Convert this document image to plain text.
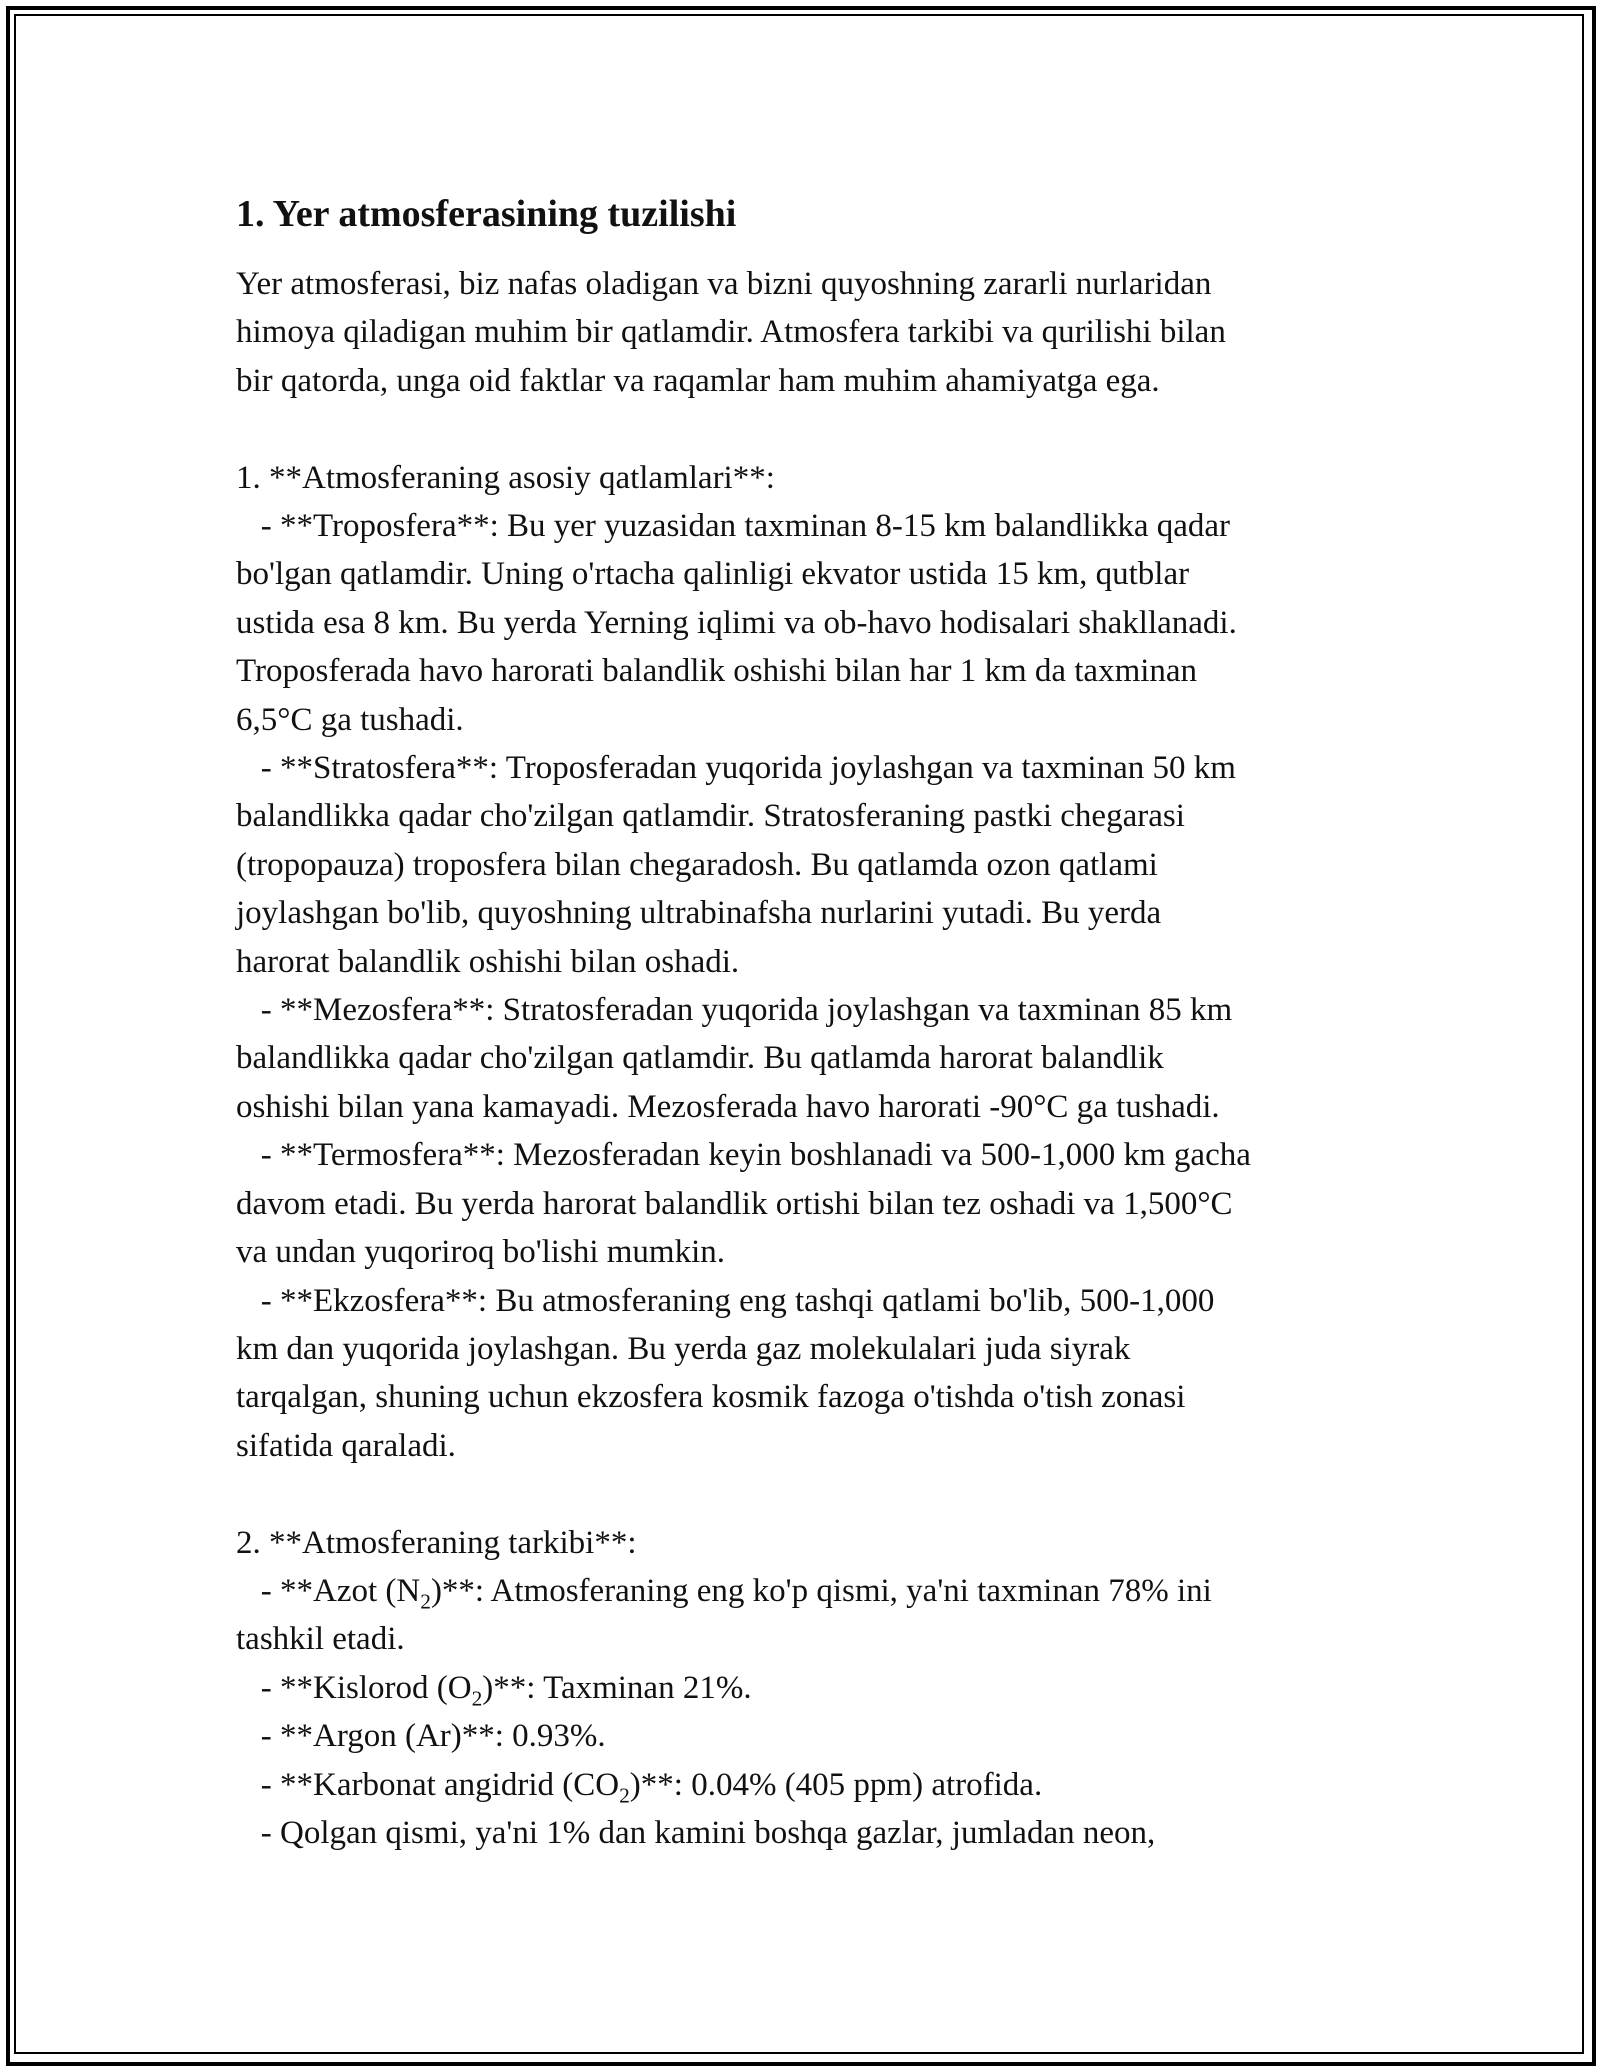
1. Yer atmosferasining tuzilishi
Yer atmosferasi, biz nafas oladigan va bizni quyoshning zararli nurlaridan
himoya qiladigan muhim bir qatlamdir. Atmosfera tarkibi va qurilishi bilan
bir qatorda, unga oid faktlar va raqamlar ham muhim ahamiyatga ega.
1. **Atmosferaning asosiy qatlamlari**:
- **Troposfera**: Bu yer yuzasidan taxminan 8-15 km balandlikka qadar
bo'lgan qatlamdir. Uning o'rtacha qalinligi ekvator ustida 15 km, qutblar
ustida esa 8 km. Bu yerda Yerning iqlimi va ob-havo hodisalari shakllanadi.
Troposferada havo harorati balandlik oshishi bilan har 1 km da taxminan
6,5°C ga tushadi.
- **Stratosfera**: Troposferadan yuqorida joylashgan va taxminan 50 km
balandlikka qadar cho'zilgan qatlamdir. Stratosferaning pastki chegarasi
(tropopauza) troposfera bilan chegaradosh. Bu qatlamda ozon qatlami
joylashgan bo'lib, quyoshning ultrabinafsha nurlarini yutadi. Bu yerda
harorat balandlik oshishi bilan oshadi.
- **Mezosfera**: Stratosferadan yuqorida joylashgan va taxminan 85 km
balandlikka qadar cho'zilgan qatlamdir. Bu qatlamda harorat balandlik
oshishi bilan yana kamayadi. Mezosferada havo harorati -90°C ga tushadi.
- **Termosfera**: Mezosferadan keyin boshlanadi va 500-1,000 km gacha
davom etadi. Bu yerda harorat balandlik ortishi bilan tez oshadi va 1,500°C
va undan yuqoriroq bo'lishi mumkin.
- **Ekzosfera**: Bu atmosferaning eng tashqi qatlami bo'lib, 500-1,000
km dan yuqorida joylashgan. Bu yerda gaz molekulalari juda siyrak
tarqalgan, shuning uchun ekzosfera kosmik fazoga o'tishda o'tish zonasi
sifatida qaraladi.
2. **Atmosferaning tarkibi**:
- **Azot $(N_2)**$: Atmosferaning eng ko'p qismi, ya'ni taxminan 78% ini
tashkil etadi.
- **Kislorod $(O_2)**$: Taxminan 21%.
- **Argon (Ar)**: 0.93%.
- **Karbonat angidrid $(CO_2)**$: 0.04% (405 ppm) atrofida.
- Qolgan qismi, ya'ni 1% dan kamini boshqa gazlar, jumladan neon,
